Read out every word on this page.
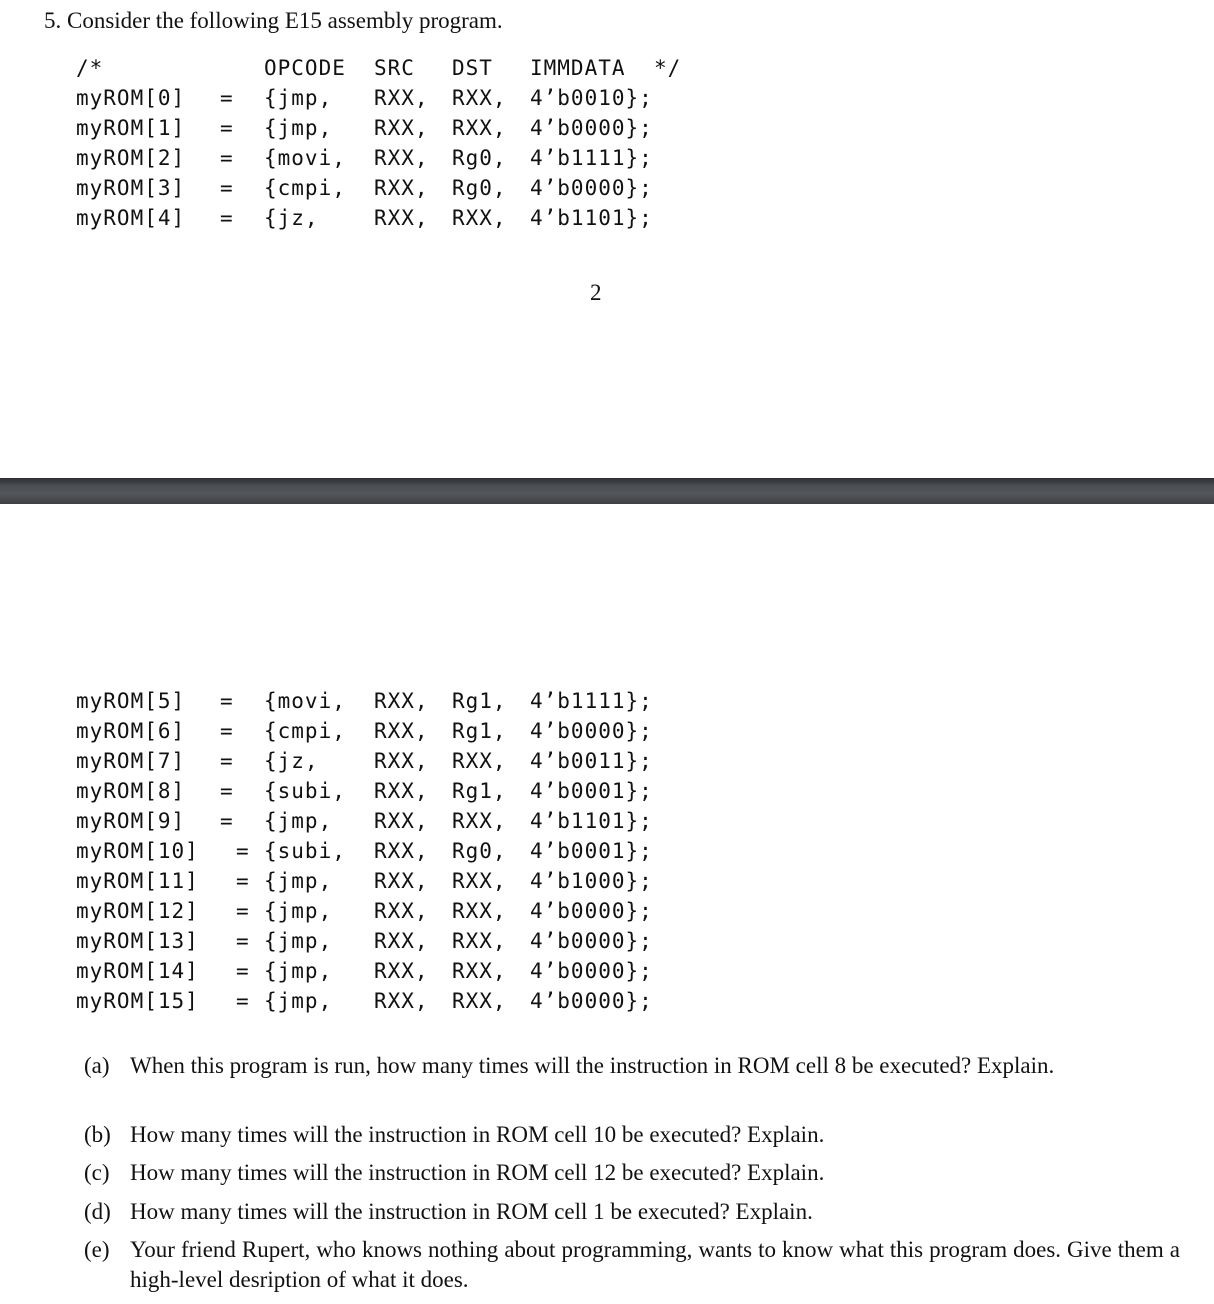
5. Consider the following E15 assembly program.
/*	OPCODE SRC DST IMMDATA */
myROM[0] = {jmp, RXX, RXX, 4’b0010};
myROM[1] = {jmp, RXX, RXX, 4’b0000};
myROM[2] = {movi, RXX, Rg0, 4’b1111};
myROM[3] = {cmpi, RXX, Rg0, 4’b0000};
myROM[4] = {jz,	RXX, RXX, 4’b1101};
myROM[5] = {movi, RXX, Rg1, 4’b1111};
myROM[6] = {cmpi, RXX, Rg1, 4’b0000};
myROM[7] = {jz,	RXX, RXX, 4’b0011};
myROM[8] = {subi, RXX, Rg1, 4’b0001};
myROM[9] = {jmp, RXX, RXX, 4’b1101};
myROM[10] = {subi, RXX, Rg0, 4’b0001};
myROM[11] = {jmp, RXX, RXX, 4’b1000};
myROM[12] = {jmp, RXX, RXX, 4’b0000};
myROM[13] = {jmp, RXX, RXX, 4’b0000};
myROM[14] = {jmp, RXX, RXX, 4’b0000};
myROM[15] = {jmp, RXX, RXX, 4’b0000};
2
(a) When this program is run, how many times will the instruction in ROM cell 8 be executed? Explain.
(b) How many times will the instruction in ROM cell 10 be executed? Explain.
(c) How many times will the instruction in ROM cell 12 be executed? Explain.
(d) How many times will the instruction in ROM cell 1 be executed? Explain.
(e) Your friend Rupert, who knows nothing about programming, wants to know what this program does. Give them a high-level desription of what it does.
